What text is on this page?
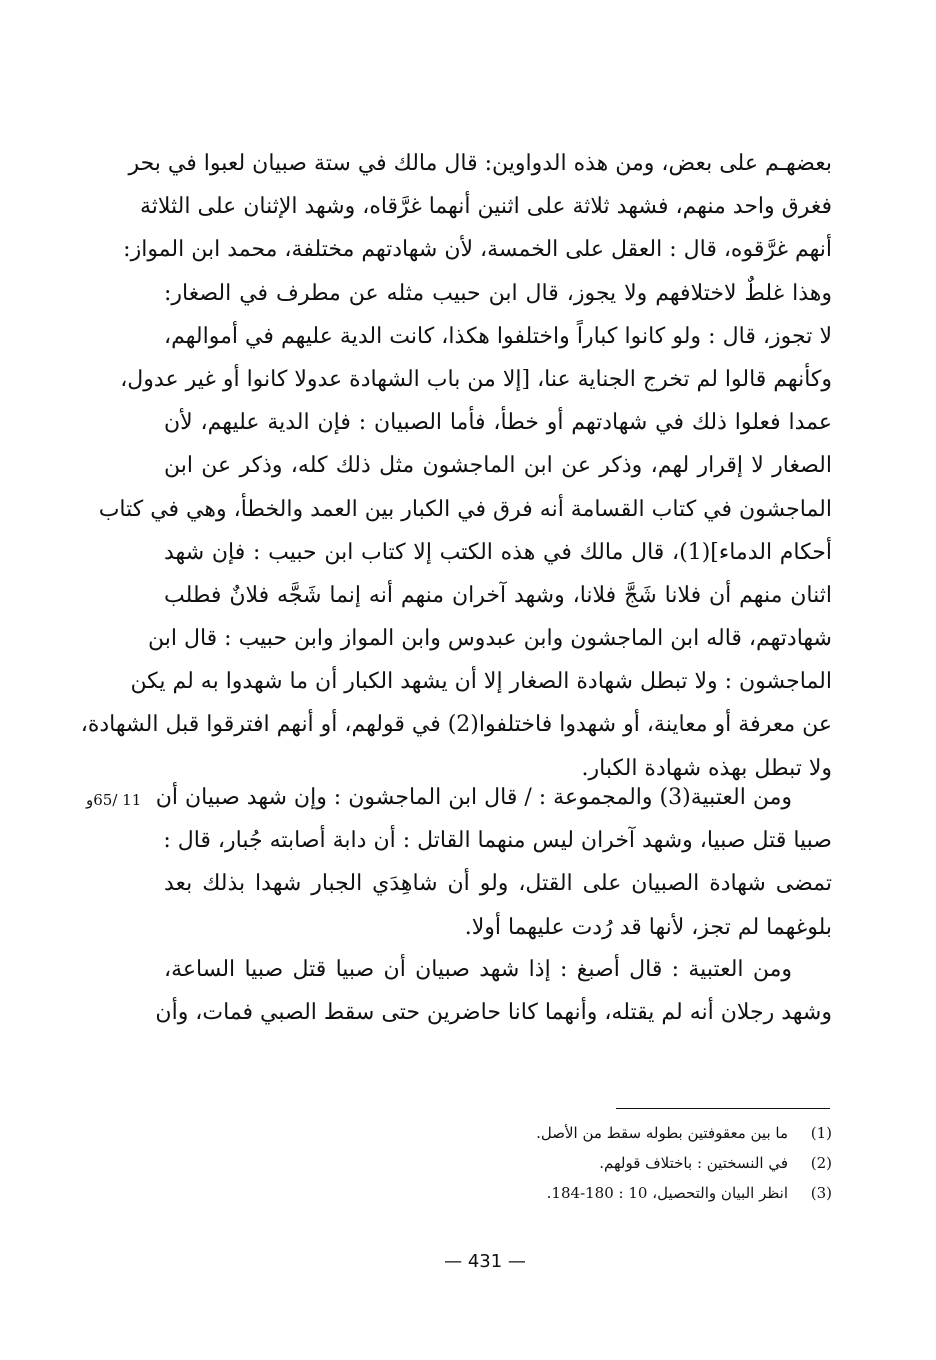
بعضهـم على بعض، ومن هذه الدواوين: قال مالك في ستة صبيان لعبوا في بحر
فغرق واحد منهم، فشهد ثلاثة على اثنين أنهما غرَّقاه، وشهد الإثنان على الثلاثة
أنهم غرَّقوه، قال : العقل على الخمسة، لأن شهادتهم مختلفة، محمد ابن المواز:
وهذا غلطٌ لاختلافهم ولا يجوز، قال ابن حبيب مثله عن مطرف في الصغار:
لا تجوز، قال : ولو كانوا كباراً واختلفوا هكذا، كانت الدية عليهم في أموالهم،
وكأنهم قالوا لم تخرج الجناية عنا، [إلا من باب الشهادة عدولا كانوا أو غير عدول،
عمدا فعلوا ذلك في شهادتهم أو خطأ، فأما الصبيان : فإن الدية عليهم، لأن
الصغار لا إقرار لهم، وذكر عن ابن الماجشون مثل ذلك كله، وذكر عن ابن
الماجشون في كتاب القسامة أنه فرق في الكبار بين العمد والخطأ، وهي في كتاب
أحكام الدماء](1)، قال مالك في هذه الكتب إلا كتاب ابن حبيب : فإن شهد
اثنان منهم أن فلانا شَجَّ فلانا، وشهد آخران منهم أنه إنما شَجَّه فلانٌ فطلب
شهادتهم، قاله ابن الماجشون وابن عبدوس وابن المواز وابن حبيب : قال ابن
الماجشون : ولا تبطل شهادة الصغار إلا أن يشهد الكبار أن ما شهدوا به لم يكن
عن معرفة أو معاينة، أو شهدوا فاختلفوا(2) في قولهم، أو أنهم افترقوا قبل الشهادة،
ولا تبطل بهذه شهادة الكبار.
11 /65و ومن العتبية(3) والمجموعة : / قال ابن الماجشون : وإن شهد صبيان أن
صبيا قتل صبيا، وشهد آخران ليس منهما القاتل : أن دابة أصابته جُبار، قال :
تمضى شهادة الصبيان على القتل، ولو أن شاهِدَي الجبار شهدا بذلك بعد
بلوغهما لم تجز، لأنها قد رُدت عليهما أولا.
ومن العتبية : قال أصبغ : إذا شهد صبيان أن صبيا قتل صبيا الساعة،
وشهد رجلان أنه لم يقتله، وأنهما كانا حاضرين حتى سقط الصبي فمات، وأن
(1)
ما بين معقوفتين بطوله سقط من الأصل.
(2)
في النسختين : باختلاف قولهم.
(3)
انظر البيان والتحصيل، 10 : 180-184.
— 431 —
